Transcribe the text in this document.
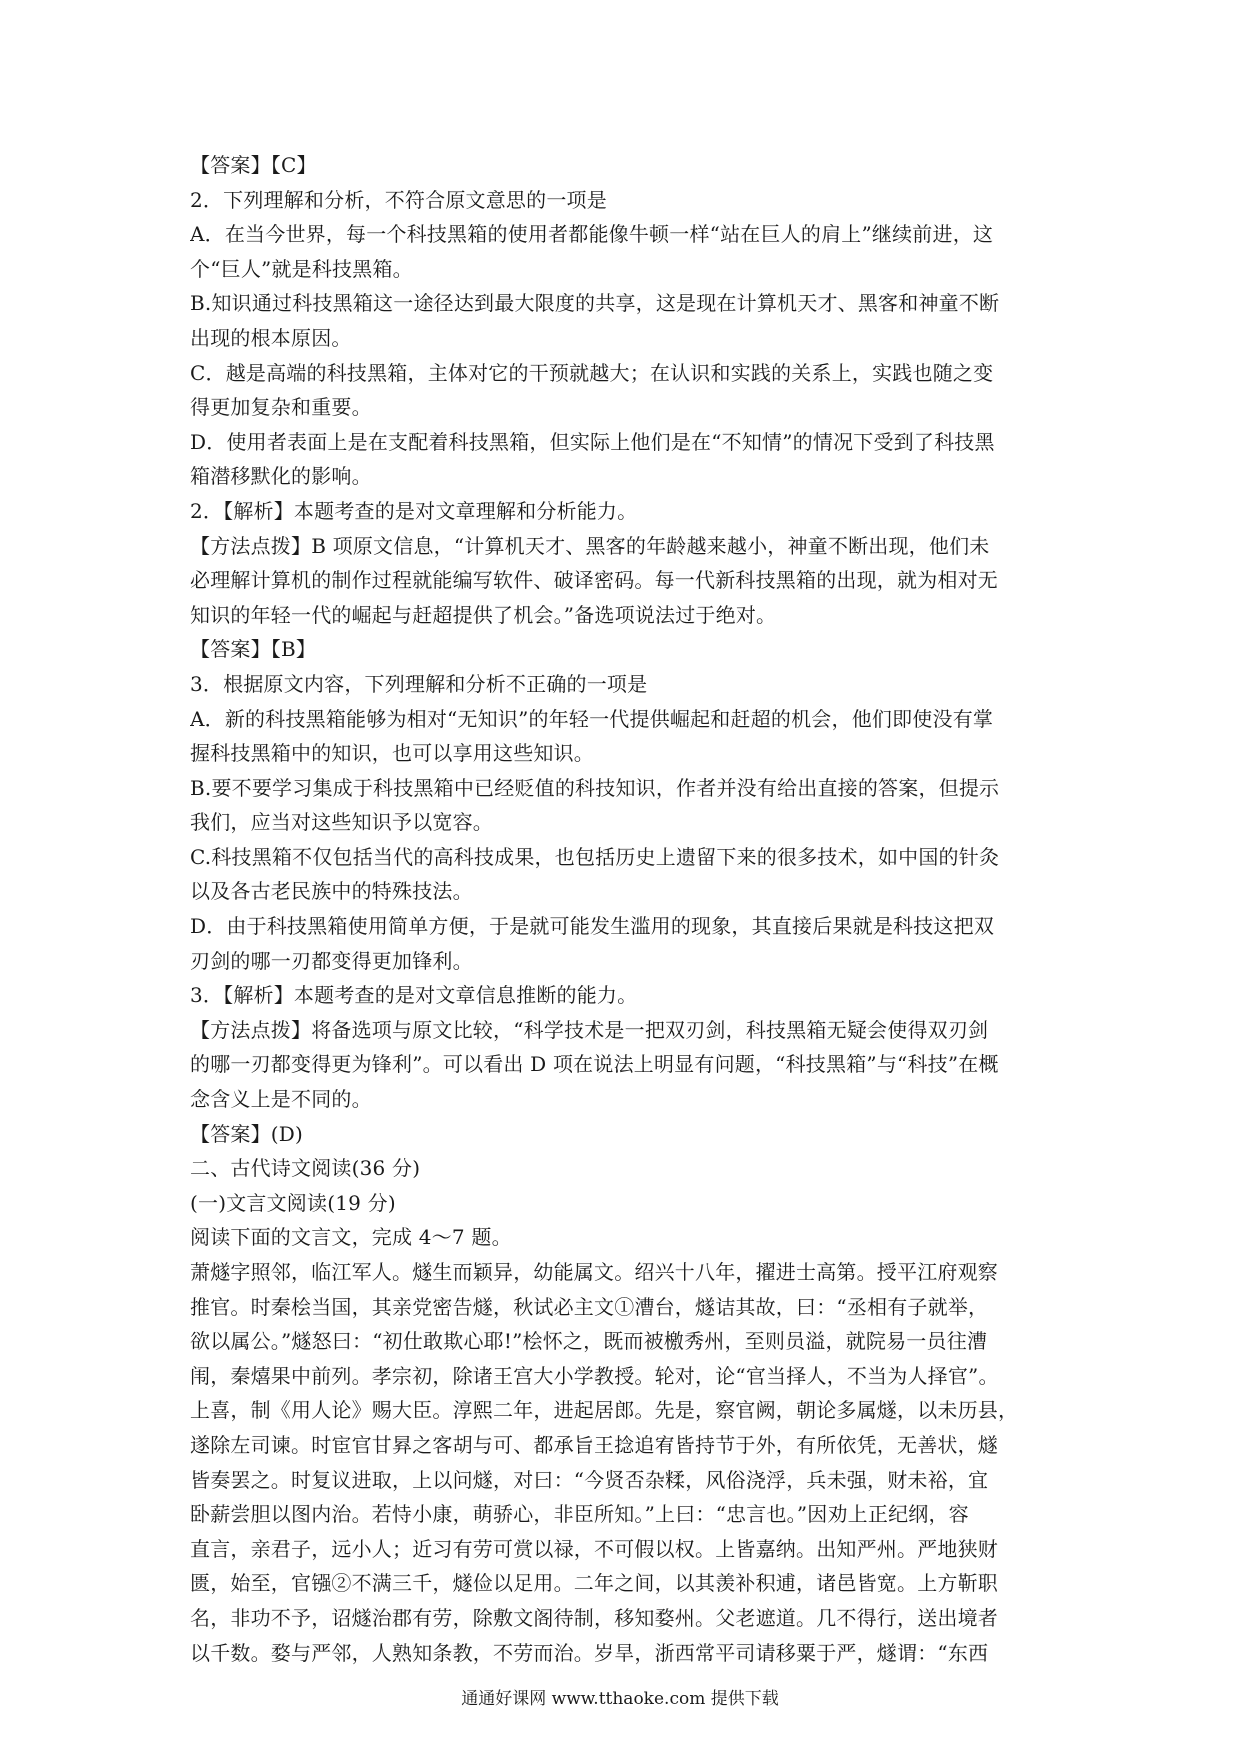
【答案】【C】
2．下列理解和分析，不符合原文意思的一项是
A．在当今世界，每一个科技黑箱的使用者都能像牛顿一样“站在巨人的肩上”继续前进，这
个“巨人”就是科技黑箱。
B.知识通过科技黑箱这一途径达到最大限度的共享，这是现在计算机天才、黑客和神童不断
出现的根本原因。
C．越是高端的科技黑箱，主体对它的干预就越大；在认识和实践的关系上，实践也随之变
得更加复杂和重要。
D．使用者表面上是在支配着科技黑箱，但实际上他们是在“不知情”的情况下受到了科技黑
箱潜移默化的影响。
2．【解析】本题考查的是对文章理解和分析能力。
【方法点拨】B 项原文信息，“计算机天才、黑客的年龄越来越小，神童不断出现，他们未
必理解计算机的制作过程就能编写软件、破译密码。每一代新科技黑箱的出现，就为相对无
知识的年轻一代的崛起与赶超提供了机会。”备选项说法过于绝对。
【答案】【B】
3．根据原文内容，下列理解和分析不正确的一项是
A．新的科技黑箱能够为相对“无知识”的年轻一代提供崛起和赶超的机会，他们即使没有掌
握科技黑箱中的知识，也可以享用这些知识。
B.要不要学习集成于科技黑箱中已经贬值的科技知识，作者并没有给出直接的答案，但提示
我们，应当对这些知识予以宽容。
C.科技黑箱不仅包括当代的高科技成果，也包括历史上遗留下来的很多技术，如中国的针灸
以及各古老民族中的特殊技法。
D．由于科技黑箱使用简单方便，于是就可能发生滥用的现象，其直接后果就是科技这把双
刃剑的哪一刃都变得更加锋利。
3．【解析】本题考查的是对文章信息推断的能力。
【方法点拨】将备选项与原文比较，“科学技术是一把双刃剑，科技黑箱无疑会使得双刃剑
的哪一刃都变得更为锋利”。可以看出 D 项在说法上明显有问题，“科技黑箱”与“科技”在概
念含义上是不同的。
【答案】(D)
二、古代诗文阅读(36 分)
(一)文言文阅读(19 分)
阅读下面的文言文，完成 4～7 题。
萧燧字照邻，临江军人。燧生而颖异，幼能属文。绍兴十八年，擢进士高第。授平江府观察
推官。时秦桧当国，其亲党密告燧，秋试必主文①漕台，燧诘其故，曰：“丞相有子就举，
欲以属公。”燧怒曰：“初仕敢欺心耶!”桧怀之，既而被檄秀州，至则员溢，就院易一员往漕
闱，秦熺果中前列。孝宗初，除诸王宫大小学教授。轮对，论“官当择人，不当为人择官”。
上喜，制《用人论》赐大臣。淳熙二年，进起居郎。先是，察官阙，朝论多属燧，以未历县，
遂除左司谏。时宦官甘昪之客胡与可、都承旨王捻追宥皆持节于外，有所依凭，无善状，燧
皆奏罢之。时复议进取，上以问燧，对曰：“今贤否杂糅，风俗浇浮，兵未强，财未裕，宜
卧薪尝胆以图内治。若恃小康，萌骄心，非臣所知。”上曰：“忠言也。”因劝上正纪纲，容
直言，亲君子，远小人；近习有劳可赏以禄，不可假以权。上皆嘉纳。出知严州。严地狭财
匮，始至，官镪②不满三千，燧俭以足用。二年之间，以其羡补积逋，诸邑皆宽。上方靳职
名，非功不予，诏燧治郡有劳，除敷文阁待制，移知婺州。父老遮道。几不得行，送出境者
以千数。婺与严邻，人熟知条教，不劳而治。岁旱，浙西常平司请移粟于严，燧谓：“东西
通通好课网 www.tthaoke.com 提供下载
